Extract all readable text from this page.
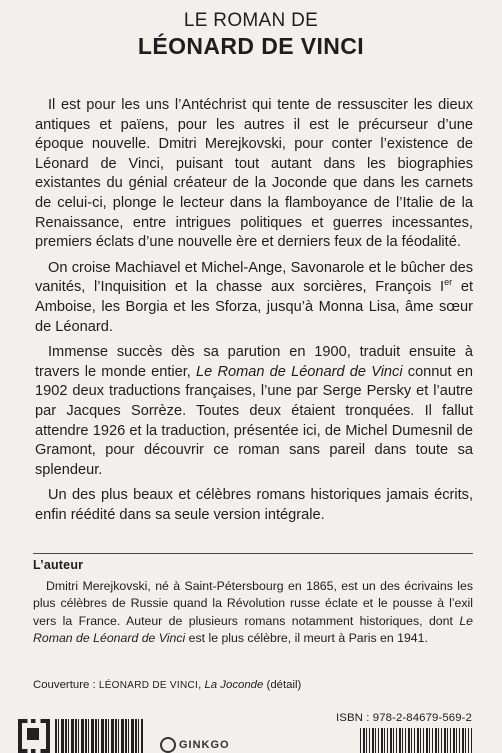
LE ROMAN DE
LÉONARD DE VINCI

Il est pour les uns l’Antéchrist qui tente de ressusciter les dieux antiques et païens, pour les autres il est le précurseur d’une époque nouvelle. Dmitri Merejkovski, pour conter l’existence de Léonard de Vinci, puisant tout autant dans les biographies existantes du génial créateur de la Joconde que dans les carnets de celui-ci, plonge le lecteur dans la flamboyance de l’Italie de la Renaissance, entre intrigues politiques et guerres incessantes, premiers éclats d’une nouvelle ère et derniers feux de la féodalité.

On croise Machiavel et Michel-Ange, Savonarole et le bûcher des vanités, l’Inquisition et la chasse aux sorcières, François Ier et Amboise, les Borgia et les Sforza, jusqu’à Monna Lisa, âme sœur de Léonard.

Immense succès dès sa parution en 1900, traduit ensuite à travers le monde entier, Le Roman de Léonard de Vinci connut en 1902 deux traductions françaises, l’une par Serge Persky et l’autre par Jacques Sorrèze. Toutes deux étaient tronquées. Il fallut attendre 1926 et la traduction, présentée ici, de Michel Dumesnil de Gramont, pour découvrir ce roman sans pareil dans toute sa splendeur.

Un des plus beaux et célèbres romans historiques jamais écrits, enfin réédité dans sa seule version intégrale.

L’auteur

Dmitri Merejkovski, né à Saint-Pétersbourg en 1865, est un des écrivains les plus célèbres de Russie quand la Révolution russe éclate et le pousse à l’exil vers la France. Auteur de plusieurs romans notamment historiques, dont Le Roman de Léonard de Vinci est le plus célèbre, il meurt à Paris en 1941.

Couverture : LÉONARD DE VINCI, La Joconde (détail)
GINKGO
ISBN : 978-2-84679-569-2
